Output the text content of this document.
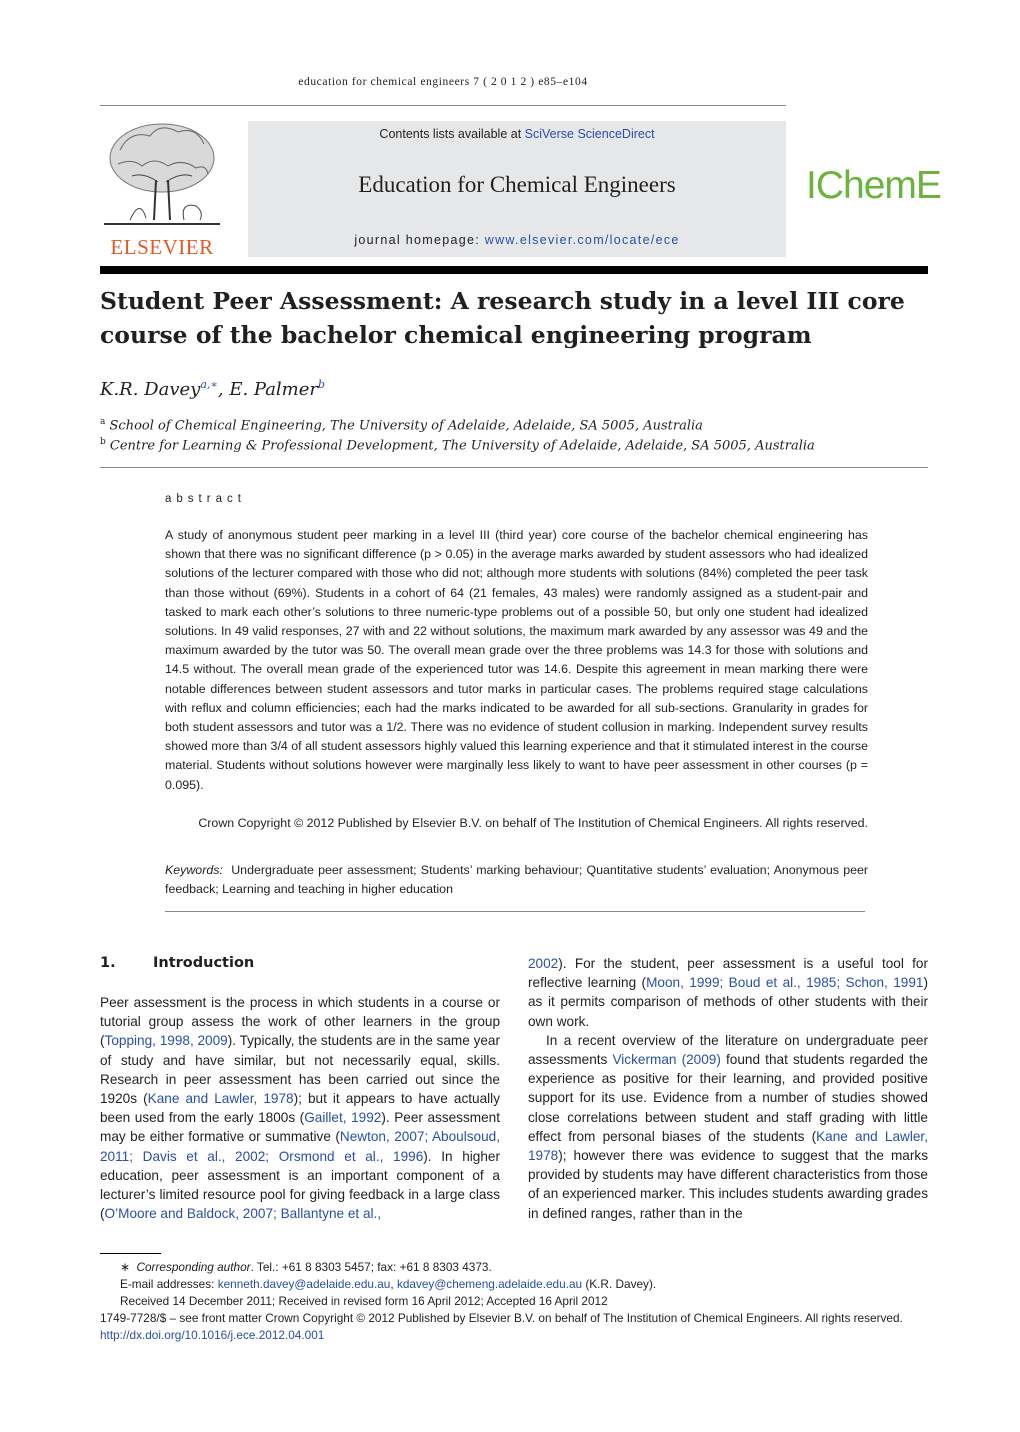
education for chemical engineers 7 ( 2 0 1 2 ) e85–e104
ELSEVIER
Contents lists available at SciVerse ScienceDirect
Education for Chemical Engineers
journal homepage: www.elsevier.com/locate/ece
IChemE
Student Peer Assessment: A research study in a level III core
course of the bachelor chemical engineering program
K.R. Davey$^{a,∗}$, E. Palmer$^b$
$^a$ School of Chemical Engineering, The University of Adelaide, Adelaide, SA 5005, Australia
$^b$ Centre for Learning & Professional Development, The University of Adelaide, Adelaide, SA 5005, Australia
abstract
A study of anonymous student peer marking in a level III (third year) core course of the bachelor chemical engineering has shown that there was no significant difference (p > 0.05) in the average marks awarded by student assessors who had idealized solutions of the lecturer compared with those who did not; although more students with solutions (84%) completed the peer task than those without (69%). Students in a cohort of 64 (21 females, 43 males) were randomly assigned as a student-pair and tasked to mark each other’s solutions to three numeric-type problems out of a possible 50, but only one student had idealized solutions. In 49 valid responses, 27 with and 22 without solutions, the maximum mark awarded by any assessor was 49 and the maximum awarded by the tutor was 50. The overall mean grade over the three problems was 14.3 for those with solutions and 14.5 without. The overall mean grade of the experienced tutor was 14.6. Despite this agreement in mean marking there were notable differences between student assessors and tutor marks in particular cases. The problems required stage calculations with reflux and column efficiencies; each had the marks indicated to be awarded for all sub-sections. Granularity in grades for both student assessors and tutor was a 1/2. There was no evidence of student collusion in marking. Independent survey results showed more than 3/4 of all student assessors highly valued this learning experience and that it stimulated interest in the course material. Students without solutions however were marginally less likely to want to have peer assessment in other courses (p = 0.095).
Crown Copyright © 2012 Published by Elsevier B.V. on behalf of The Institution of Chemical Engineers. All rights reserved.
Keywords: Undergraduate peer assessment; Students’ marking behaviour; Quantitative students’ evaluation; Anonymous peer feedback; Learning and teaching in higher education
1.	Introduction

Peer assessment is the process in which students in a course or tutorial group assess the work of other learners in the group (Topping, 1998, 2009). Typically, the students are in the same year of study and have similar, but not necessarily equal, skills. Research in peer assessment has been carried out since the 1920s (Kane and Lawler, 1978); but it appears to have actually been used from the early 1800s (Gaillet, 1992). Peer assessment may be either formative or summative (Newton, 2007; Aboulsoud, 2011; Davis et al., 2002; Orsmond et al., 1996). In higher education, peer assessment is an important component of a lecturer’s limited resource pool for giving feedback in a large class (O’Moore and Baldock, 2007; Ballantyne et al.,

2002). For the student, peer assessment is a useful tool for reflective learning (Moon, 1999; Boud et al., 1985; Schon, 1991) as it permits comparison of methods of other students with their own work.

In a recent overview of the literature on undergraduate peer assessments Vickerman (2009) found that students regarded the experience as positive for their learning, and provided positive support for its use. Evidence from a number of studies showed close correlations between student and staff grading with little effect from personal biases of the students (Kane and Lawler, 1978); however there was evidence to suggest that the marks provided by students may have different characteristics from those of an experienced marker. This includes students awarding grades in defined ranges, rather than in the

∗ Corresponding author. Tel.: +61 8 8303 5457; fax: +61 8 8303 4373.
E-mail addresses: kenneth.davey@adelaide.edu.au, kdavey@chemeng.adelaide.edu.au (K.R. Davey).
Received 14 December 2011; Received in revised form 16 April 2012; Accepted 16 April 2012
1749-7728/$ – see front matter Crown Copyright © 2012 Published by Elsevier B.V. on behalf of The Institution of Chemical Engineers. All rights reserved.
http://dx.doi.org/10.1016/j.ece.2012.04.001
